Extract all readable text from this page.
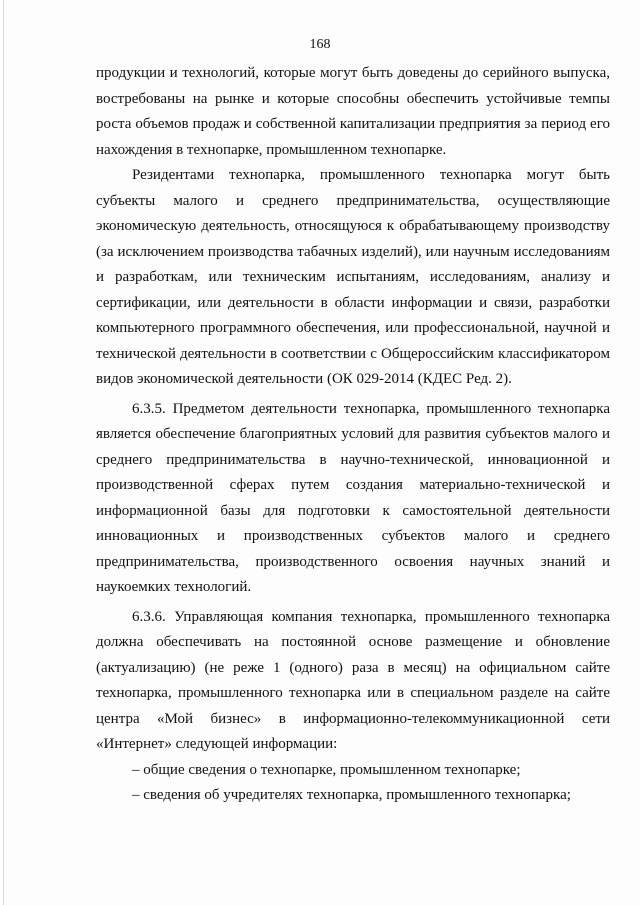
168

продукции и технологий, которые могут быть доведены до серийного выпуска, востребованы на рынке и которые способны обеспечить устойчивые темпы роста объемов продаж и собственной капитализации предприятия за период его нахождения в технопарке, промышленном технопарке.

Резидентами технопарка, промышленного технопарка могут быть субъекты малого и среднего предпринимательства, осуществляющие экономическую деятельность, относящуюся к обрабатывающему производству (за исключением производства табачных изделий), или научным исследованиям и разработкам, или техническим испытаниям, исследованиям, анализу и сертификации, или деятельности в области информации и связи, разработки компьютерного программного обеспечения, или профессиональной, научной и технической деятельности в соответствии с Общероссийским классификатором видов экономической деятельности (ОК 029-2014 (КДЕС Ред. 2).

6.3.5. Предметом деятельности технопарка, промышленного технопарка является обеспечение благоприятных условий для развития субъектов малого и среднего предпринимательства в научно-технической, инновационной и производственной сферах путем создания материально-технической и информационной базы для подготовки к самостоятельной деятельности инновационных и производственных субъектов малого и среднего предпринимательства, производственного освоения научных знаний и наукоемких технологий.

6.3.6. Управляющая компания технопарка, промышленного технопарка должна обеспечивать на постоянной основе размещение и обновление (актуализацию) (не реже 1 (одного) раза в месяц) на официальном сайте технопарка, промышленного технопарка или в специальном разделе на сайте центра «Мой бизнес» в информационно-телекоммуникационной сети «Интернет» следующей информации:

– общие сведения о технопарке, промышленном технопарке;

– сведения об учредителях технопарка, промышленного технопарка;
